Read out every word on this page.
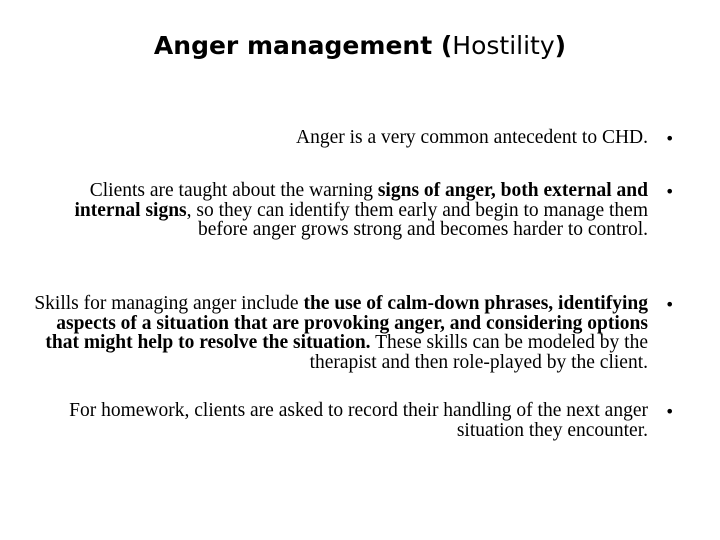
Anger management (Hostility)
Anger is a very common antecedent to CHD.
Clients are taught about the warning signs of anger, both external and internal signs, so they can identify them early and begin to manage them before anger grows strong and becomes harder to control.
Skills for managing anger include the use of calm-down phrases, identifying aspects of a situation that are provoking anger, and considering options that might help to resolve the situation. These skills can be modeled by the therapist and then role-played by the client.
For homework, clients are asked to record their handling of the next anger situation they encounter.
•
•
•
•
